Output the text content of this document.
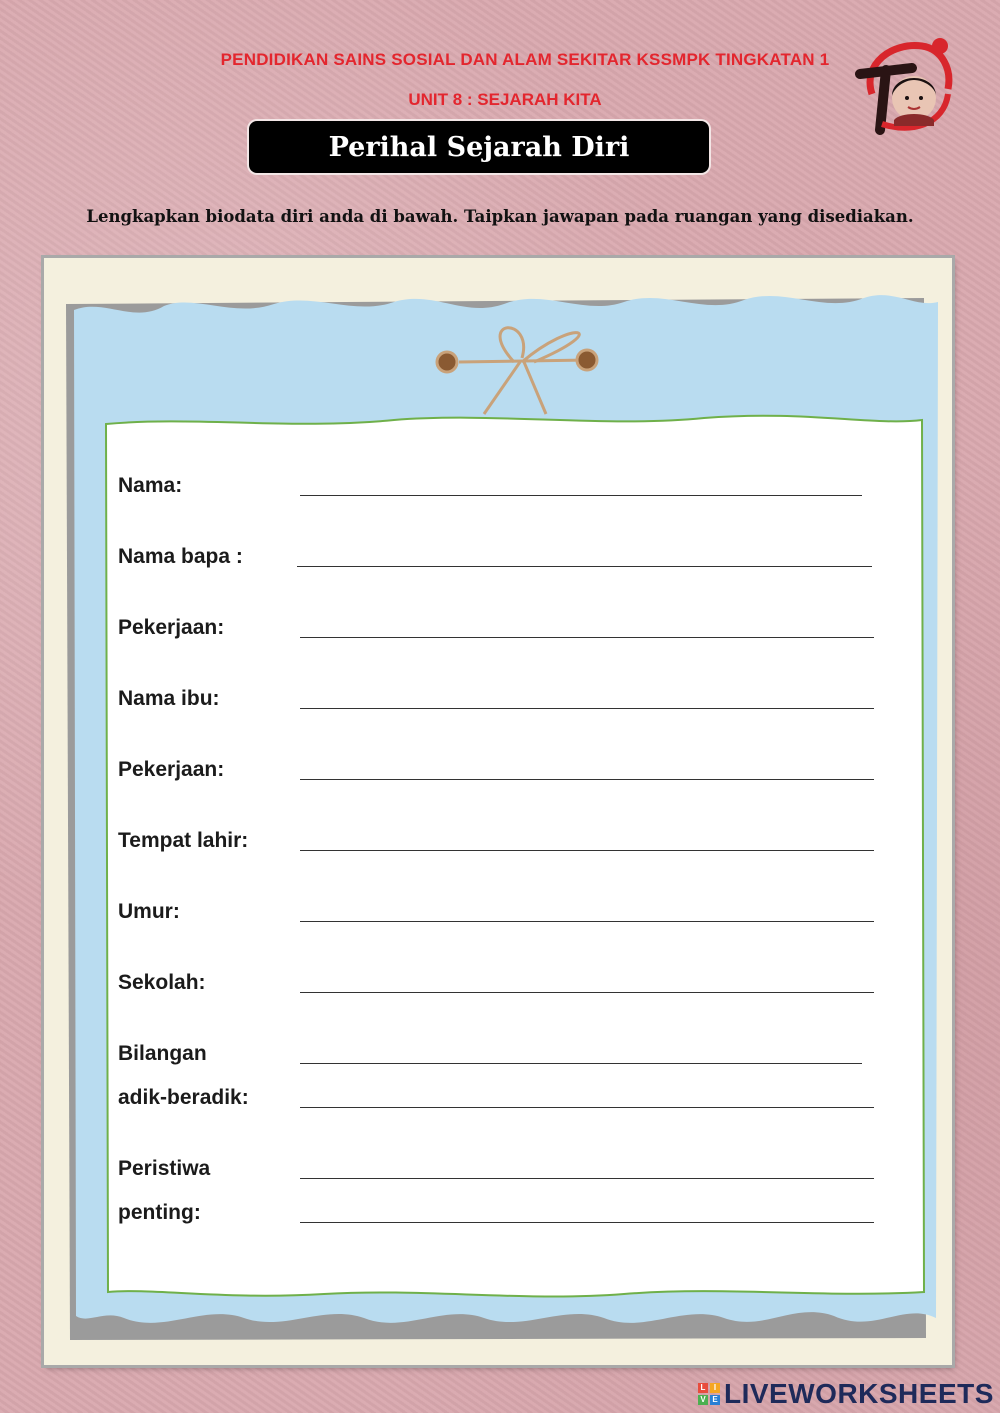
PENDIDIKAN SAINS SOSIAL DAN ALAM SEKITAR KSSMPK TINGKATAN 1
UNIT 8 : SEJARAH KITA
Perihal Sejarah Diri
Lengkapkan biodata diri anda di bawah. Taipkan jawapan pada ruangan yang disediakan.
Nama:
Nama bapa :
Pekerjaan:
Nama ibu:
Pekerjaan:
Tempat lahir:
Umur:
Sekolah:
Bilangan
adik-beradik:
Peristiwa
penting:
L	I
V E LIVEWORKSHEETS
